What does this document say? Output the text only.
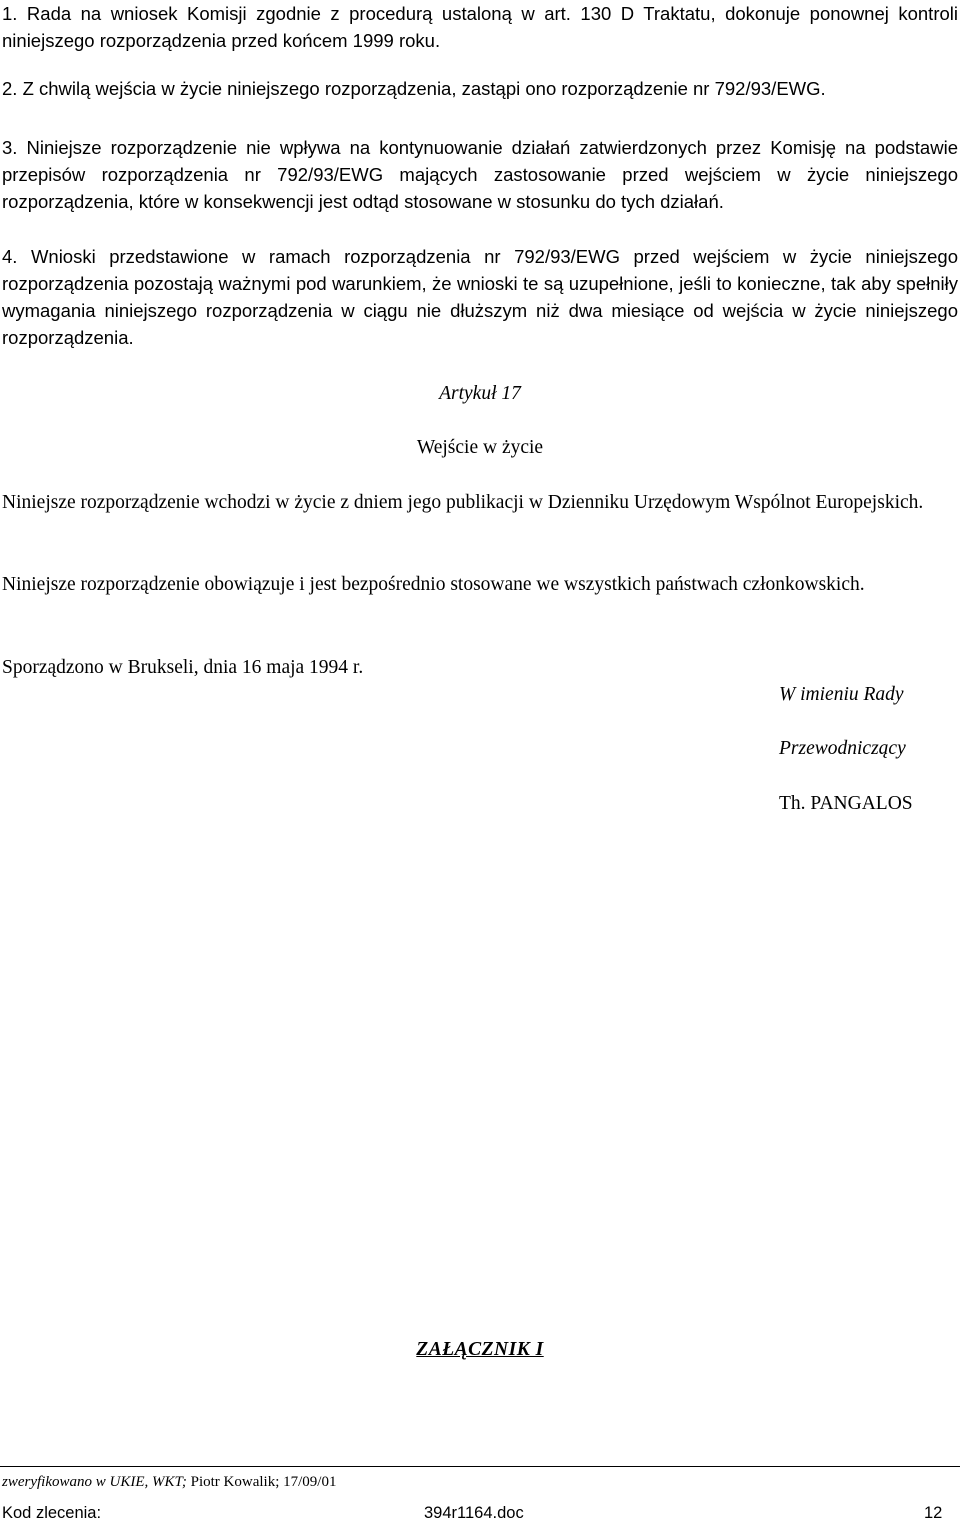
1. Rada na wniosek Komisji zgodnie z procedurą ustaloną w art. 130 D Traktatu, dokonuje ponownej kontroli niniejszego rozporządzenia przed końcem 1999 roku.

2. Z chwilą wejścia w życie niniejszego rozporządzenia, zastąpi ono rozporządzenie nr 792/93/EWG.

3. Niniejsze rozporządzenie nie wpływa na kontynuowanie działań zatwierdzonych przez Komisję na podstawie przepisów rozporządzenia nr 792/93/EWG mających zastosowanie przed wejściem w życie niniejszego rozporządzenia, które w konsekwencji jest odtąd stosowane w stosunku do tych działań.

4. Wnioski przedstawione w ramach rozporządzenia nr 792/93/EWG przed wejściem w życie niniejszego rozporządzenia pozostają ważnymi pod warunkiem, że wnioski te są uzupełnione, jeśli to konieczne, tak aby spełniły wymagania niniejszego rozporządzenia w ciągu nie dłuższym niż dwa miesiące od wejścia w życie niniejszego rozporządzenia.

Artykuł 17

Wejście w życie

Niniejsze rozporządzenie wchodzi w życie z dniem jego publikacji w Dzienniku Urzędowym Wspólnot Europejskich.

Niniejsze rozporządzenie obowiązuje i jest bezpośrednio stosowane we wszystkich państwach członkowskich.

Sporządzono w Brukseli, dnia 16 maja 1994 r.

W imieniu Rady

Przewodniczący

Th. PANGALOS

ZAŁĄCZNIK I

zweryfikowano w UKIE, WKT; Piotr Kowalik; 17/09/01

Kod zlecenia:	394r1164.doc	12
